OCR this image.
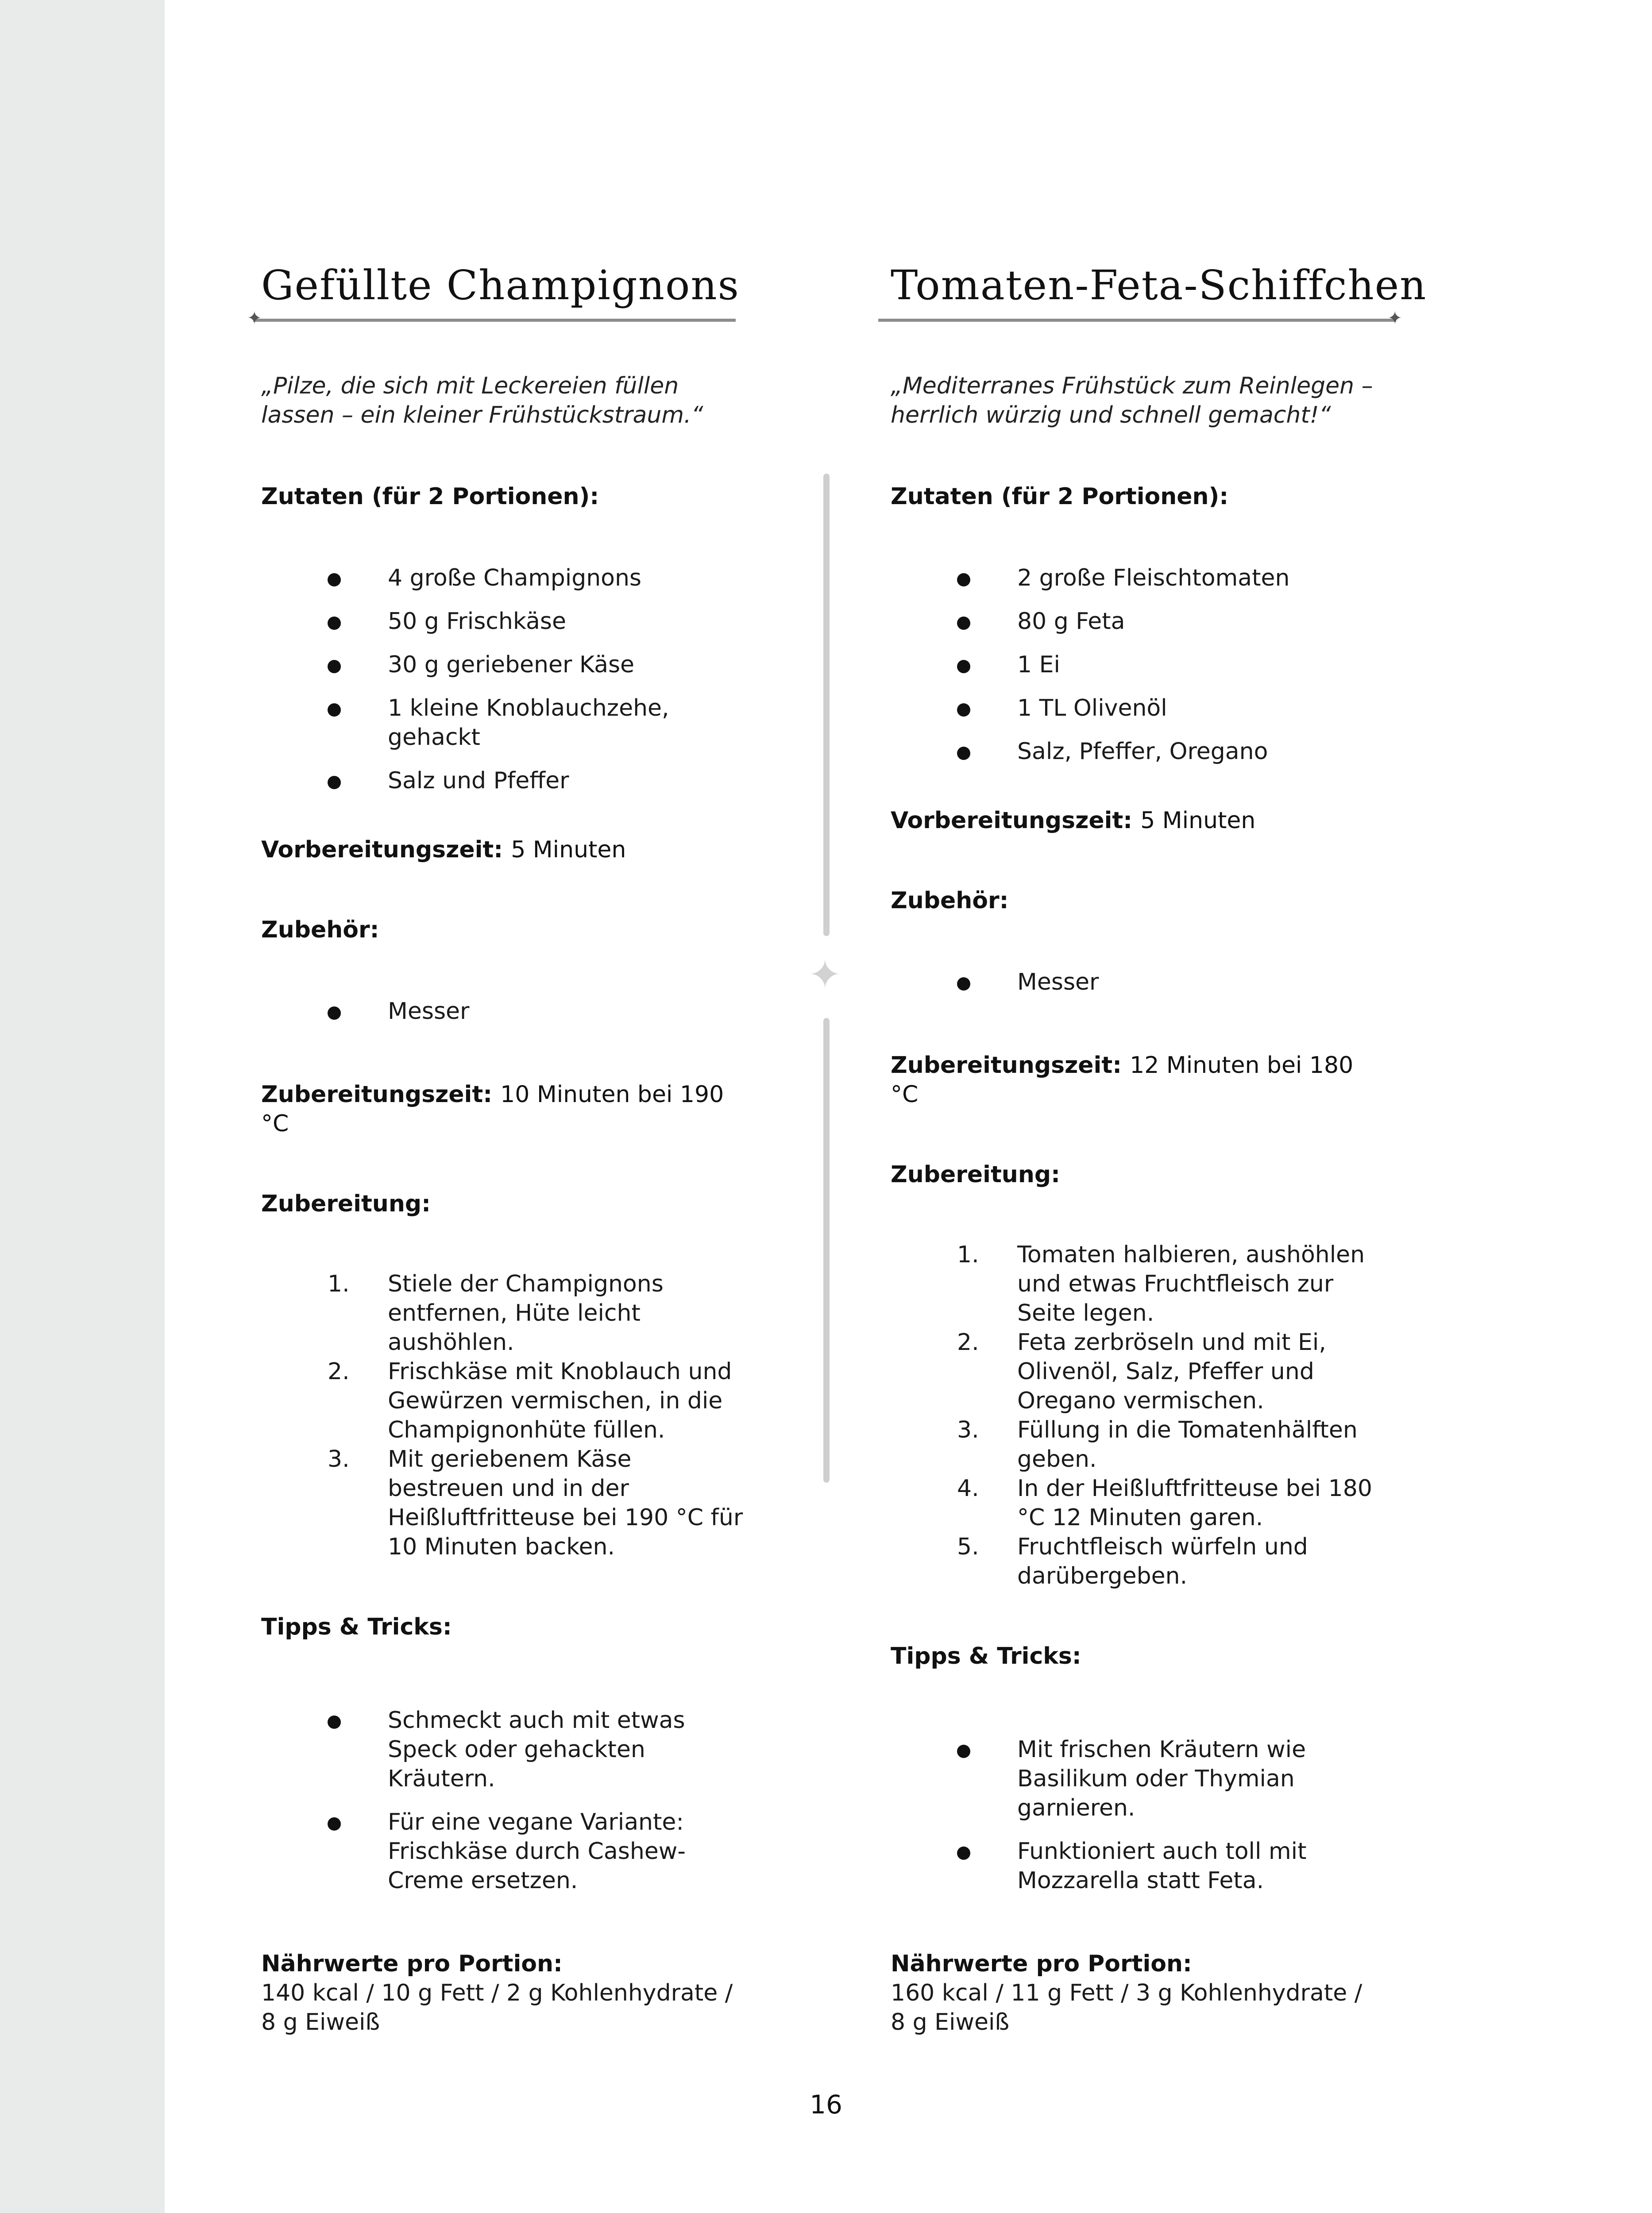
Gefüllte Champignons
✦
„Pilze, die sich mit Leckereien füllen lassen – ein kleiner Frühstückstraum.“
Zutaten (für 2 Portionen):
4 große Champignons
50 g Frischkäse
30 g geriebener Käse
1 kleine Knoblauchzehe, gehackt
Salz und Pfeffer
Vorbereitungszeit: 5 Minuten
Zubehör:
Messer
Zubereitungszeit: 10 Minuten bei 190 °C
Zubereitung:
1. Stiele der Champignons entfernen, Hüte leicht aushöhlen.
2. Frischkäse mit Knoblauch und Gewürzen vermischen, in die Champignonhüte füllen.
3. Mit geriebenem Käse bestreuen und in der Heißluftfritteuse bei 190 °C für 10 Minuten backen.
Tipps & Tricks:
Schmeckt auch mit etwas Speck oder gehackten Kräutern.
Für eine vegane Variante: Frischkäse durch Cashew-Creme ersetzen.
Nährwerte pro Portion:
140 kcal / 10 g Fett / 2 g Kohlenhydrate / 8 g Eiweiß
✦
Tomaten-Feta-Schiffchen
✦
„Mediterranes Frühstück zum Reinlegen – herrlich würzig und schnell gemacht!“
Zutaten (für 2 Portionen):
2 große Fleischtomaten
80 g Feta
1 Ei
1 TL Olivenöl
Salz, Pfeffer, Oregano
Vorbereitungszeit: 5 Minuten
Zubehör:
Messer
Zubereitungszeit: 12 Minuten bei 180 °C
Zubereitung:
1. Tomaten halbieren, aushöhlen und etwas Fruchtfleisch zur Seite legen.
2. Feta zerbröseln und mit Ei, Olivenöl, Salz, Pfeffer und Oregano vermischen.
3. Füllung in die Tomatenhälften geben.
4. In der Heißluftfritteuse bei 180 °C 12 Minuten garen.
5. Fruchtfleisch würfeln und darübergeben.
Tipps & Tricks:
Mit frischen Kräutern wie Basilikum oder Thymian garnieren.
Funktioniert auch toll mit Mozzarella statt Feta.
Nährwerte pro Portion:
160 kcal / 11 g Fett / 3 g Kohlenhydrate / 8 g Eiweiß
16
